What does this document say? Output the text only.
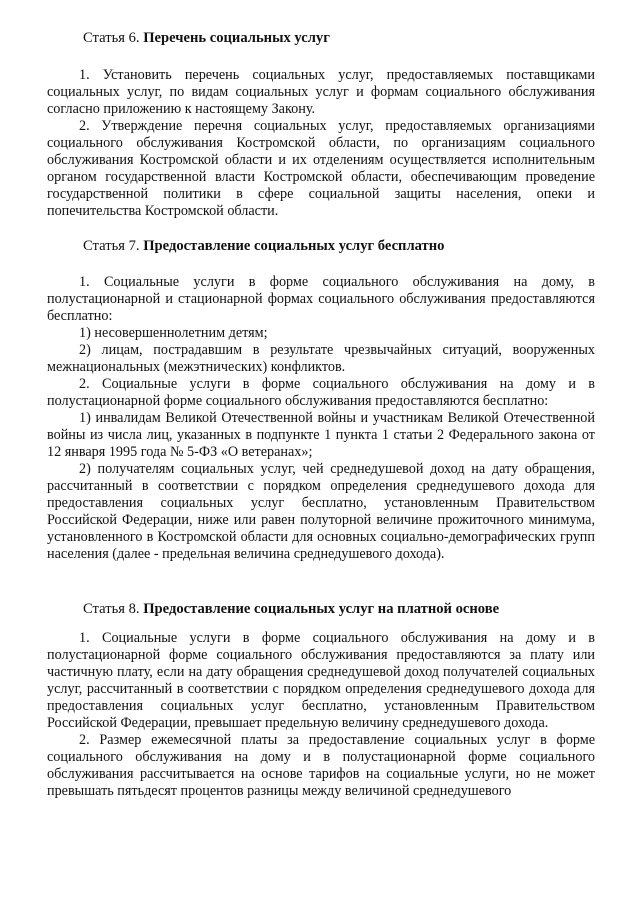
Статья 6. Перечень социальных услуг

1. Установить перечень социальных услуг, предоставляемых поставщиками социальных услуг, по видам социальных услуг и формам социального обслуживания согласно приложению к настоящему Закону.

2. Утверждение перечня социальных услуг, предоставляемых организациями социального обслуживания Костромской области, по организациям социального обслуживания Костромской области и их отделениям осуществляется исполнительным органом государственной власти Костромской области, обеспечивающим проведение государственной политики в сфере социальной защиты населения, опеки и попечительства Костромской области.

Статья 7. Предоставление социальных услуг бесплатно

1. Социальные услуги в форме социального обслуживания на дому, в полустационарной и стационарной формах социального обслуживания предоставляются бесплатно:

1) несовершеннолетним детям;

2) лицам, пострадавшим в результате чрезвычайных ситуаций, вооруженных межнациональных (межэтнических) конфликтов.

2. Социальные услуги в форме социального обслуживания на дому и в полустационарной форме социального обслуживания предоставляются бесплатно:

1) инвалидам Великой Отечественной войны и участникам Великой Отечественной войны из числа лиц, указанных в подпункте 1 пункта 1 статьи 2 Федерального закона от 12 января 1995 года № 5-ФЗ «О ветеранах»;

2) получателям социальных услуг, чей среднедушевой доход на дату обращения, рассчитанный в соответствии с порядком определения среднедушевого дохода для предоставления социальных услуг бесплатно, установленным Правительством Российской Федерации, ниже или равен полуторной величине прожиточного минимума, установленного в Костромской области для основных социально-демографических групп населения (далее - предельная величина среднедушевого дохода).

Статья 8. Предоставление социальных услуг на платной основе

1. Социальные услуги в форме социального обслуживания на дому и в полустационарной форме социального обслуживания предоставляются за плату или частичную плату, если на дату обращения среднедушевой доход получателей социальных услуг, рассчитанный в соответствии с порядком определения среднедушевого дохода для предоставления социальных услуг бесплатно, установленным Правительством Российской Федерации, превышает предельную величину среднедушевого дохода.

2. Размер ежемесячной платы за предоставление социальных услуг в форме социального обслуживания на дому и в полустационарной форме социального обслуживания рассчитывается на основе тарифов на социальные услуги, но не может превышать пятьдесят процентов разницы между величиной среднедушевого
